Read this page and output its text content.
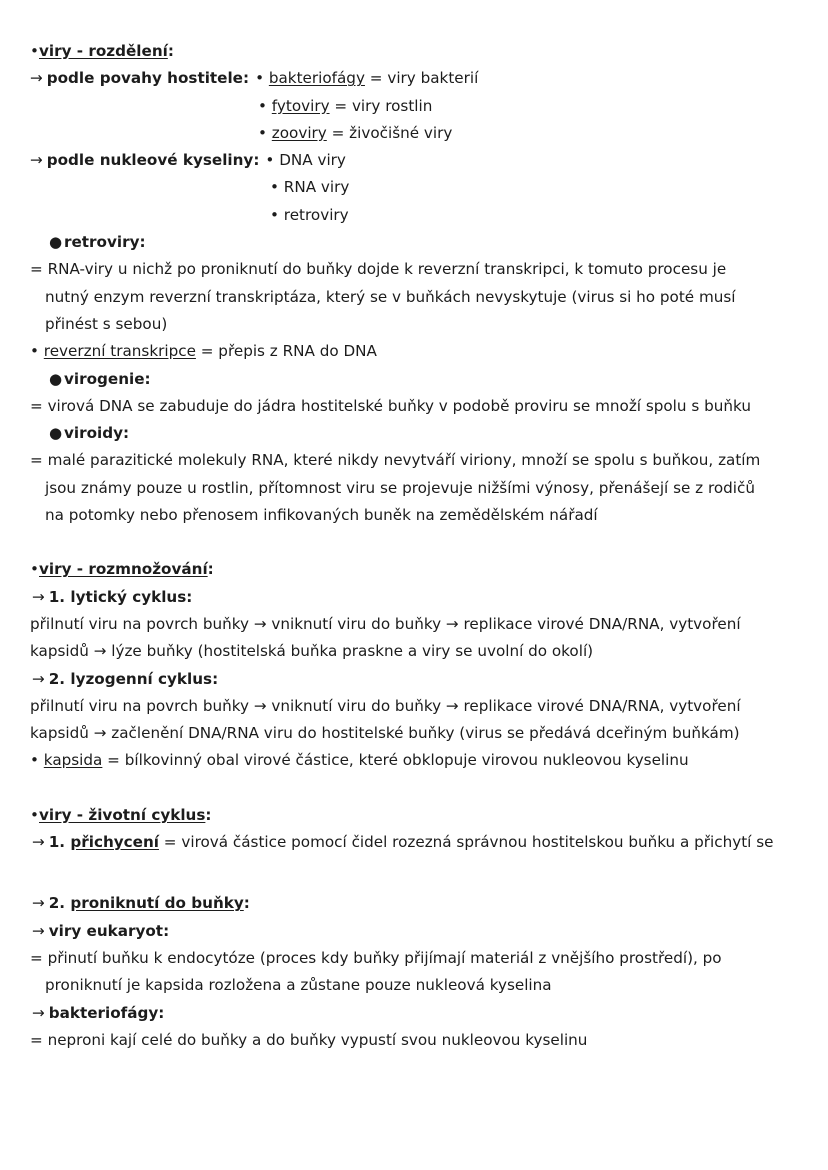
•viry - rozdělení:
→ podle povahy hostitele: • bakteriofágy = viry bakterií
• fytoviry = viry rostlin
• zooviry = živočišné viry
→ podle nukleové kyseliny: • DNA viry
• RNA viry
• retroviry
● retroviry:
= RNA-viry u nichž po proniknutí do buňky dojde k reverzní transkripci, k tomuto procesu je
nutný enzym reverzní transkriptáza, který se v buňkách nevyskytuje (virus si ho poté musí
přinést s sebou)
• reverzní transkripce = přepis z RNA do DNA
● virogenie:
= virová DNA se zabuduje do jádra hostitelské buňky v podobě proviru se množí spolu s buňku
● viroidy:
= malé parazitické molekuly RNA, které nikdy nevytváří viriony, množí se spolu s buňkou, zatím
jsou známy pouze u rostlin, přítomnost viru se projevuje nižšími výnosy, přenášejí se z rodičů
na potomky nebo přenosem infikovaných buněk na zemědělském nářadí
•viry - rozmnožování:
→ 1. lytický cyklus:
přilnutí viru na povrch buňky → vniknutí viru do buňky → replikace virové DNA/RNA, vytvoření
kapsidů → lýze buňky (hostitelská buňka praskne a viry se uvolní do okolí)
→ 2. lyzogenní cyklus:
přilnutí viru na povrch buňky → vniknutí viru do buňky → replikace virové DNA/RNA, vytvoření
kapsidů → začlenění DNA/RNA viru do hostitelské buňky (virus se předává dceřiným buňkám)
• kapsida = bílkovinný obal virové částice, které obklopuje virovou nukleovou kyselinu
•viry - životní cyklus:
→ 1. přichycení = virová částice pomocí čidel rozezná správnou hostitelskou buňku a přichytí se
→ 2. proniknutí do buňky:
→ viry eukaryot:
= přinutí buňku k endocytóze (proces kdy buňky přijímají materiál z vnějšího prostředí), po
proniknutí je kapsida rozložena a zůstane pouze nukleová kyselina
→ bakteriofágy:
= neproni kají celé do buňky a do buňky vypustí svou nukleovou kyselinu
